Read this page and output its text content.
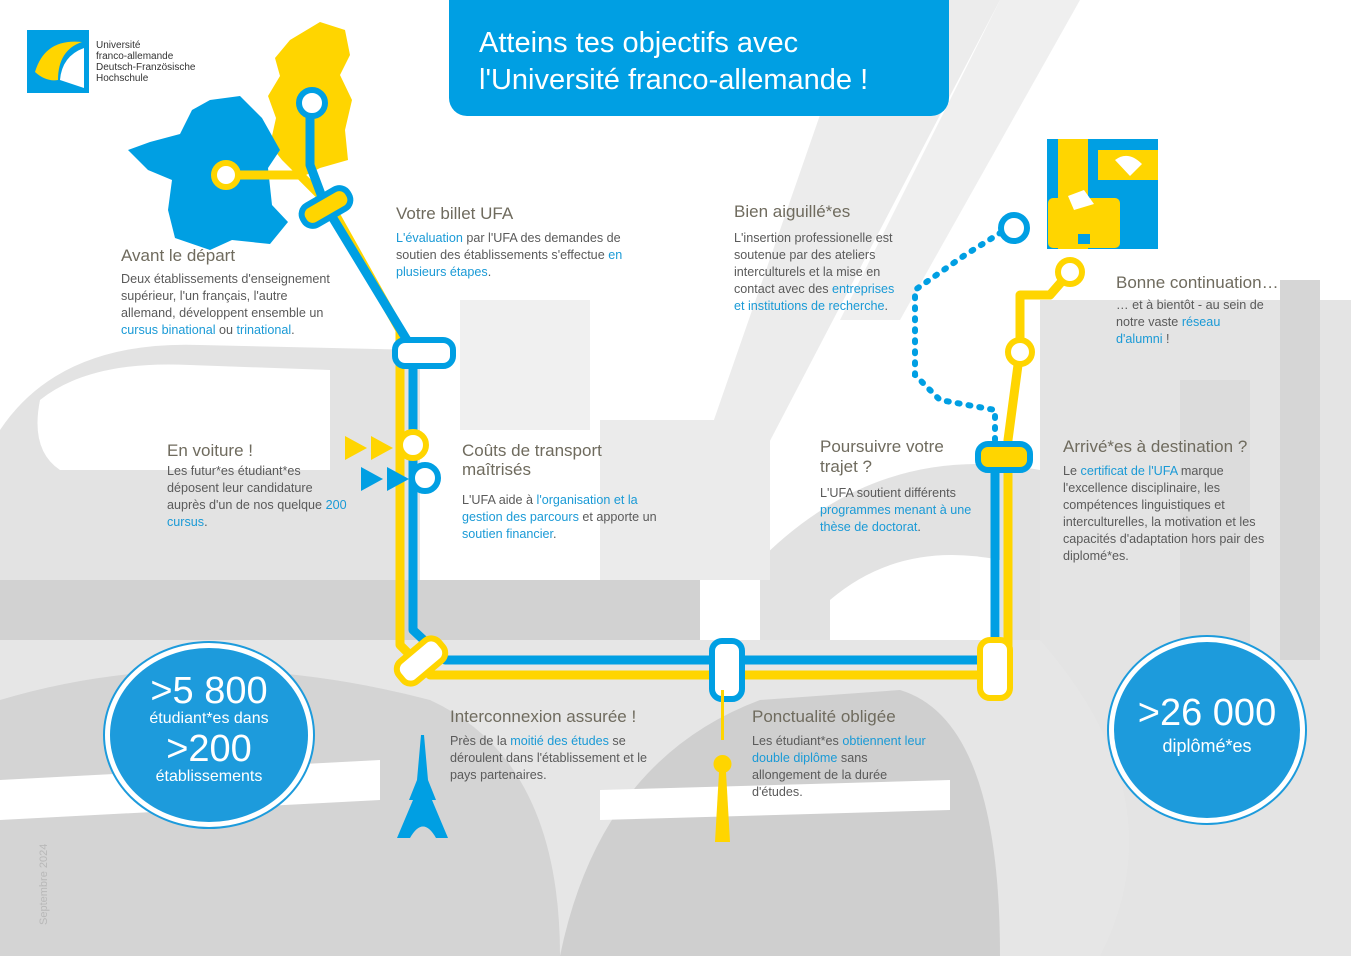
Atteins tes objectifs avec
l'Université franco-allemande !
Université
franco-allemande
Deutsch-Französische
Hochschule
Avant le départ
Deux établissements d'enseignement supérieur, l'un français, l'autre allemand, développent ensemble un cursus binational ou trinational.
Votre billet UFA
L'évaluation par l'UFA des demandes de soutien des établissements s'effectue en plusieurs étapes.
En voiture !
Les futur*es étudiant*es déposent leur candidature auprès d'un de nos quelque 200 cursus.
Coûts de transport
maîtrisés
L'UFA aide à l'organisation et la gestion des parcours et apporte un soutien financier.
Interconnexion assurée !
Près de la moitié des études se déroulent dans l'établissement et le pays partenaires.
Ponctualité obligée
Les étudiant*es obtiennent leur double diplôme sans allongement de la durée d'études.
Poursuivre votre
trajet ?
L'UFA soutient différents programmes menant à une thèse de doctorat.
Bien aiguillé*es
L'insertion professionelle est soutenue par des ateliers interculturels et la mise en contact avec des entreprises et institutions de recherche.
Arrivé*es à destination ?
Le certificat de l'UFA marque l'excellence disciplinaire, les compétences linguistiques et interculturelles, la motivation et les capacités d'adaptation hors pair des diplomé*es.
Bonne continuation…
… et à bientôt - au sein de notre vaste réseau d'alumni !
>5 800
étudiant*es dans
>200
établissements
>26 000
diplômé*es
Septembre 2024
